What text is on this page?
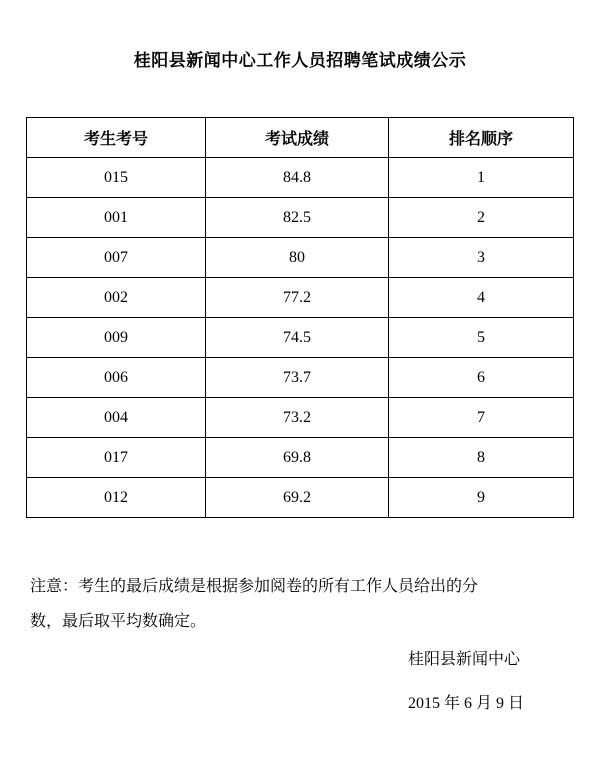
桂阳县新闻中心工作人员招聘笔试成绩公示
考生考号	考试成绩	排名顺序
015	84.8	1
001	82.5	2
007	80	3
002	77.2	4
009	74.5	5
006	73.7	6
004	73.2	7
017	69.8	8
012	69.2	9
注意：考生的最后成绩是根据参加阅卷的所有工作人员给出的分
数，最后取平均数确定。
桂阳县新闻中心
2015 年 6 月 9 日
